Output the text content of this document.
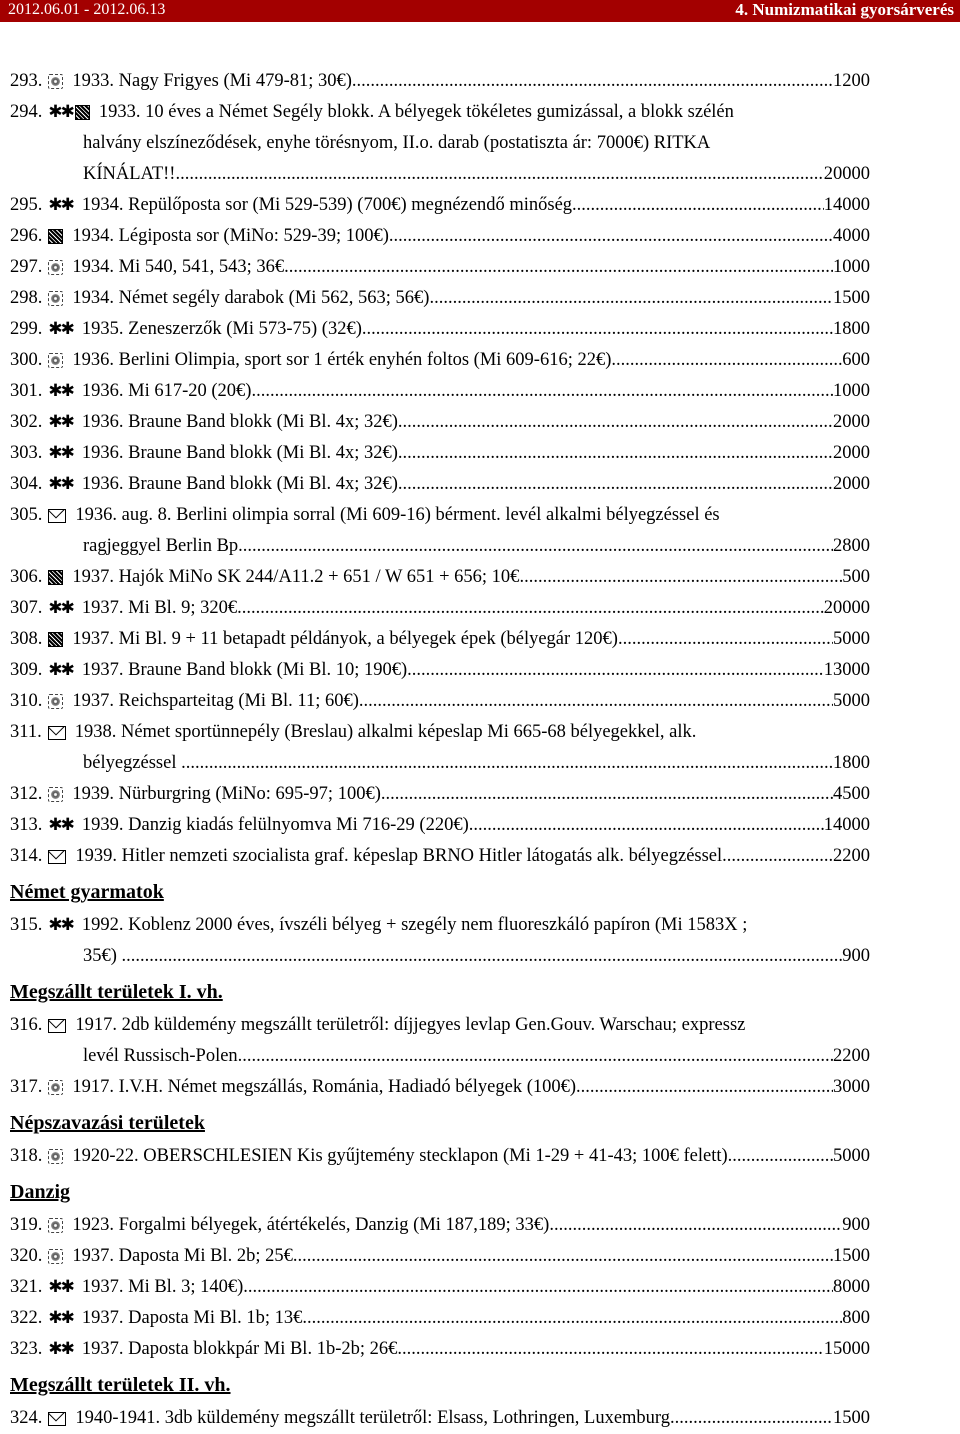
2012.06.01 - 2012.06.13	4. Numizmatikai gyorsárverés
293.	1933. Nagy Frigyes (Mi 479-81; 30€) .....	1200
294. ✱✱ 1933. 10 éves a Német Segély blokk. A bélyegek tökéletes gumizással, a blokk szélén
halvány elszíneződések, enyhe törésnyom, II.o. darab (postatiszta ár: 7000€) RITKA
KÍNÁLAT!! .....	20000
295. ✱✱ 1934. Repülőposta sor (Mi 529-539) (700€) megnézendő minőség .....	14000
296.	1934. Légiposta sor (MiNo: 529-39; 100€) .....	4000
297.	1934. Mi 540, 541, 543; 36€ .....	1000
298.	1934. Német segély darabok (Mi 562, 563; 56€) .....	1500
299. ✱✱ 1935. Zeneszerzők (Mi 573-75) (32€) .....	1800
300.	1936. Berlini Olimpia, sport sor 1 érték enyhén foltos (Mi 609-616; 22€) .....	600
301. ✱✱ 1936. Mi 617-20 (20€) .....	1000
302. ✱✱ 1936. Braune Band blokk (Mi Bl. 4x; 32€) .....	2000
303. ✱✱ 1936. Braune Band blokk (Mi Bl. 4x; 32€) .....	2000
304. ✱✱ 1936. Braune Band blokk (Mi Bl. 4x; 32€) .....	2000
305.	1936. aug. 8. Berlini olimpia sorral (Mi 609-16) bérment. levél alkalmi bélyegzéssel és
ragjeggyel Berlin Bp. .....	2800
306.	1937. Hajók MiNo SK 244/A11.2 + 651 / W 651 + 656; 10€ .....	500
307. ✱✱ 1937. Mi Bl. 9; 320€ .....	20000
308.	1937. Mi Bl. 9 + 11 betapadt példányok, a bélyegek épek (bélyegár 120€) .....	5000
309. ✱✱ 1937. Braune Band blokk (Mi Bl. 10; 190€) .....	13000
310.	1937. Reichsparteitag (Mi Bl. 11; 60€) .....	5000
311.	1938. Német sportünnepély (Breslau) alkalmi képeslap Mi 665-68 bélyegekkel, alk.
bélyegzéssel . .....	1800
312.	1939. Nürburgring (MiNo: 695-97; 100€) .....	4500
313. ✱✱ 1939. Danzig kiadás felülnyomva Mi 716-29 (220€) .....	14000
314.	1939. Hitler nemzeti szocialista graf. képeslap BRNO Hitler látogatás alk. bélyegzéssel .....	2200
Német gyarmatok
315. ✱✱ 1992. Koblenz 2000 éves, ívszéli bélyeg + szegély nem fluoreszkáló papíron (Mi 1583X ;
35€) . .....	900
Megszállt területek I. vh.
316.	1917. 2db küldemény megszállt területről: díjjegyes levlap Gen.Gouv. Warschau; expressz
levél Russisch-Polen .....	2200
317.	1917. I.V.H. Német megszállás, Románia, Hadiadó bélyegek (100€) .....	3000
Népszavazási területek
318.	1920-22. OBERSCHLESIEN Kis gyűjtemény stecklapon (Mi 1-29 + 41-43; 100€ felett) .....	5000
Danzig
319.	1923. Forgalmi bélyegek, átértékelés, Danzig (Mi 187,189; 33€) .....	900
320.	1937. Daposta Mi Bl. 2b; 25€ .....	1500
321. ✱✱ 1937. Mi Bl. 3; 140€) .....	8000
322. ✱✱ 1937. Daposta Mi Bl. 1b; 13€ .....	800
323. ✱✱ 1937. Daposta blokkpár Mi Bl. 1b-2b; 26€ .....	15000
Megszállt területek II. vh.
324.	1940-1941. 3db küldemény megszállt területről: Elsass, Lothringen, Luxemburg .....	1500
